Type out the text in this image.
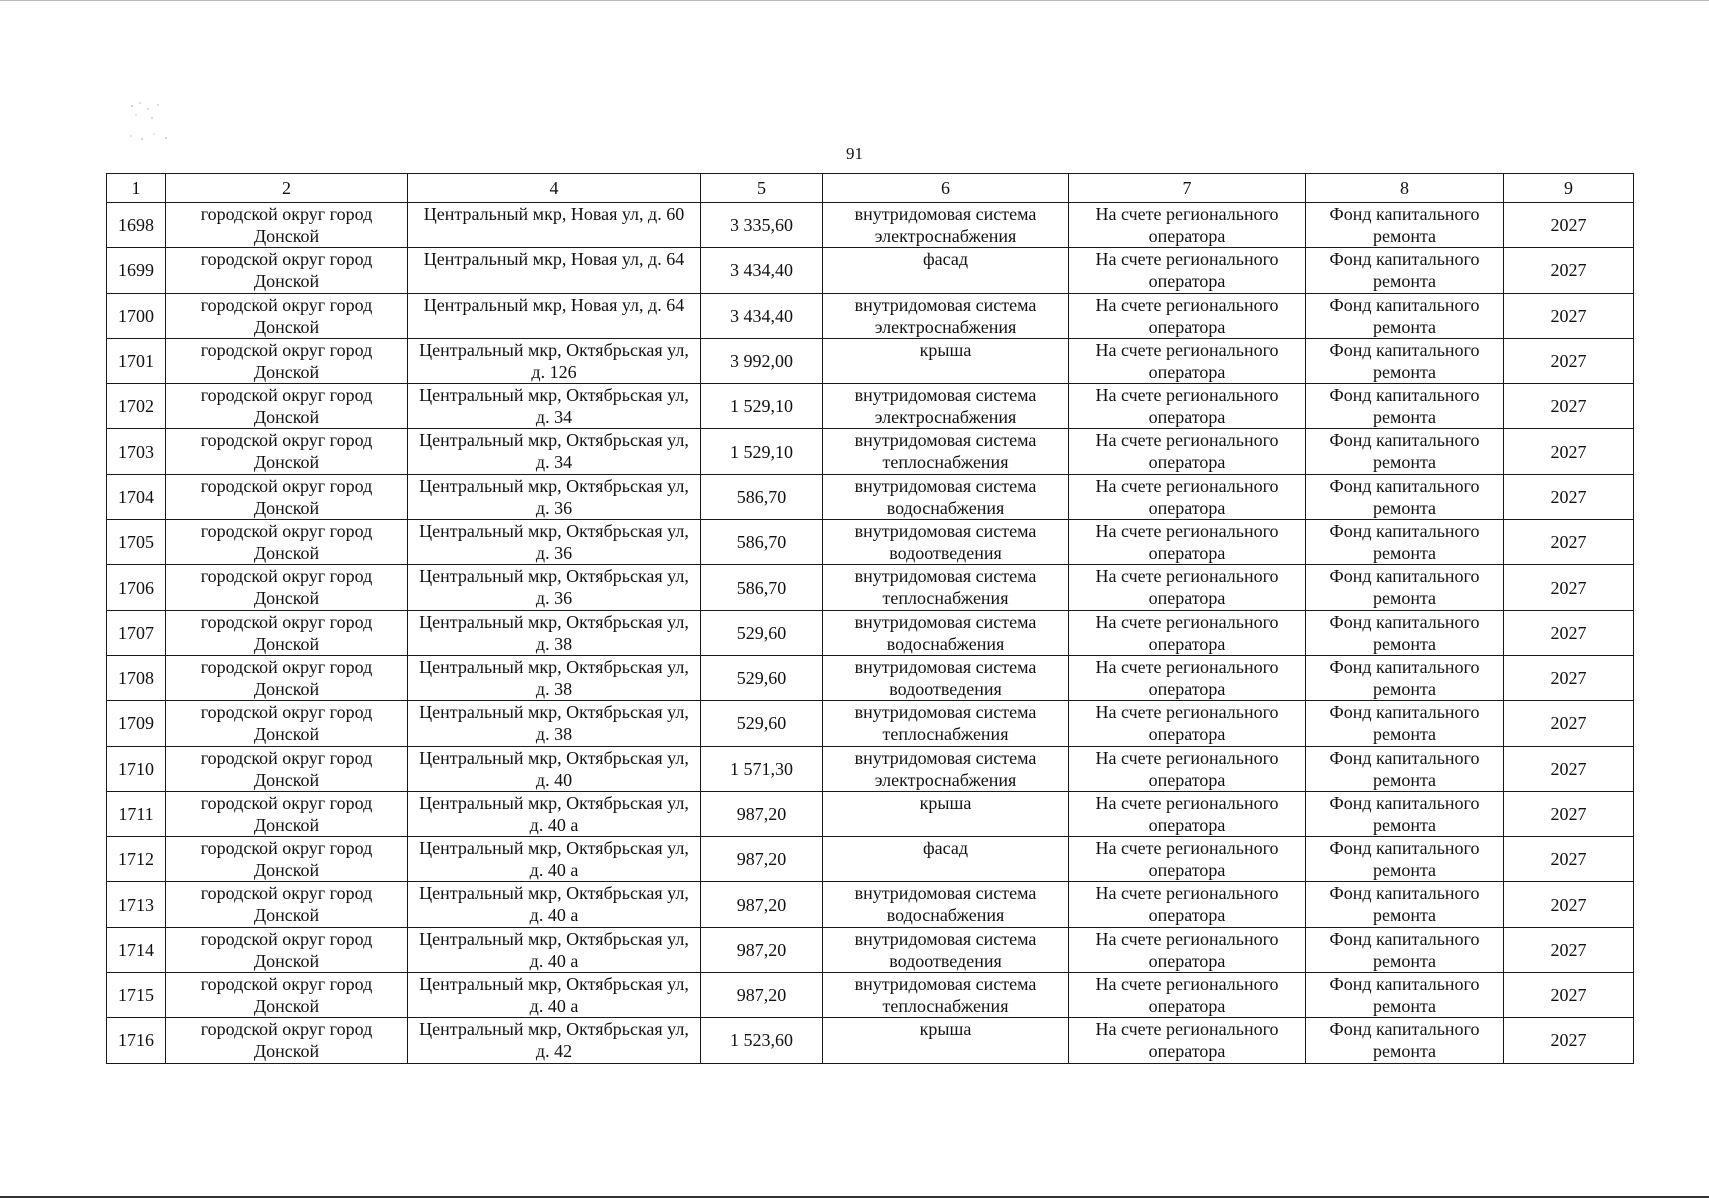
91
1	2	4	5	6	7	8	9
1698	городской округ город Донской	Центральный мкр, Новая ул, д. 60	3 335,60	внутридомовая система электроснабжения	На счете регионального оператора	Фонд капитального ремонта	2027
1699	городской округ город Донской	Центральный мкр, Новая ул, д. 64	3 434,40	фасад	На счете регионального оператора	Фонд капитального ремонта	2027
1700	городской округ город Донской	Центральный мкр, Новая ул, д. 64	3 434,40	внутридомовая система электроснабжения	На счете регионального оператора	Фонд капитального ремонта	2027
1701	городской округ город Донской	Центральный мкр, Октябрьская ул, д. 126	3 992,00	крыша	На счете регионального оператора	Фонд капитального ремонта	2027
1702	городской округ город Донской	Центральный мкр, Октябрьская ул, д. 34	1 529,10	внутридомовая система электроснабжения	На счете регионального оператора	Фонд капитального ремонта	2027
1703	городской округ город Донской	Центральный мкр, Октябрьская ул, д. 34	1 529,10	внутридомовая система теплоснабжения	На счете регионального оператора	Фонд капитального ремонта	2027
1704	городской округ город Донской	Центральный мкр, Октябрьская ул, д. 36	586,70	внутридомовая система водоснабжения	На счете регионального оператора	Фонд капитального ремонта	2027
1705	городской округ город Донской	Центральный мкр, Октябрьская ул, д. 36	586,70	внутридомовая система водоотведения	На счете регионального оператора	Фонд капитального ремонта	2027
1706	городской округ город Донской	Центральный мкр, Октябрьская ул, д. 36	586,70	внутридомовая система теплоснабжения	На счете регионального оператора	Фонд капитального ремонта	2027
1707	городской округ город Донской	Центральный мкр, Октябрьская ул, д. 38	529,60	внутридомовая система водоснабжения	На счете регионального оператора	Фонд капитального ремонта	2027
1708	городской округ город Донской	Центральный мкр, Октябрьская ул, д. 38	529,60	внутридомовая система водоотведения	На счете регионального оператора	Фонд капитального ремонта	2027
1709	городской округ город Донской	Центральный мкр, Октябрьская ул, д. 38	529,60	внутридомовая система теплоснабжения	На счете регионального оператора	Фонд капитального ремонта	2027
1710	городской округ город Донской	Центральный мкр, Октябрьская ул, д. 40	1 571,30	внутридомовая система электроснабжения	На счете регионального оператора	Фонд капитального ремонта	2027
1711	городской округ город Донской	Центральный мкр, Октябрьская ул, д. 40 а	987,20	крыша	На счете регионального оператора	Фонд капитального ремонта	2027
1712	городской округ город Донской	Центральный мкр, Октябрьская ул, д. 40 а	987,20	фасад	На счете регионального оператора	Фонд капитального ремонта	2027
1713	городской округ город Донской	Центральный мкр, Октябрьская ул, д. 40 а	987,20	внутридомовая система водоснабжения	На счете регионального оператора	Фонд капитального ремонта	2027
1714	городской округ город Донской	Центральный мкр, Октябрьская ул, д. 40 а	987,20	внутридомовая система водоотведения	На счете регионального оператора	Фонд капитального ремонта	2027
1715	городской округ город Донской	Центральный мкр, Октябрьская ул, д. 40 а	987,20	внутридомовая система теплоснабжения	На счете регионального оператора	Фонд капитального ремонта	2027
1716	городской округ город Донской	Центральный мкр, Октябрьская ул, д. 42	1 523,60	крыша	На счете регионального оператора	Фонд капитального ремонта	2027
